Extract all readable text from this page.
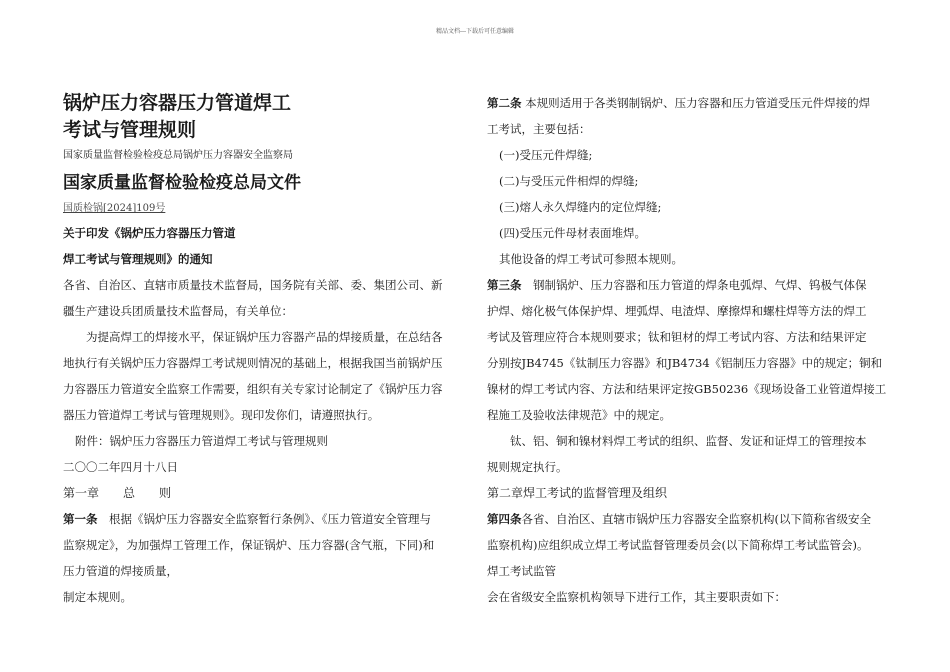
精品文档---下载后可任意编辑

锅炉压力容器压力管道焊工

考试与管理规则

国家质量监督检验检疫总局锅炉压力容器安全监察局

国家质量监督检验检疫总局文件

国质检锅[2024]109号

关于印发《锅炉压力容器压力管道

焊工考试与管理规则》的通知

各省、自治区、直辖市质量技术监督局，国务院有关部、委、集团公司、新

疆生产建设兵团质量技术监督局，有关单位：

为提高焊工的焊接水平，保证锅炉压力容器产品的焊接质量，在总结各

地执行有关锅炉压力容器焊工考试规则情况的基础上，根据我国当前锅炉压

力容器压力管道安全监察工作需要，组织有关专家讨论制定了《锅炉压力容

器压力管道焊工考试与管理规则》。现印发你们，请遵照执行。

附件：锅炉压力容器压力管道焊工考试与管理规则

二〇〇二年四月十八日

第一章　　总　　则

第一条　根据《锅炉压力容器安全监察暂行条例》、《压力管道安全管理与

监察规定》，为加强焊工管理工作，保证锅炉、压力容器(含气瓶，下同)和

压力管道的焊接质量，

制定本规则。

第二条 本规则适用于各类钢制锅炉、压力容器和压力管道受压元件焊接的焊

工考试，主要包括：

(一)受压元件焊缝;

(二)与受压元件相焊的焊缝;

(三)熔人永久焊缝内的定位焊缝;

(四)受压元件母材表面堆焊。

其他设备的焊工考试可参照本规则。

第三条　钢制锅炉、压力容器和压力管道的焊条电弧焊、气焊、钨极气体保

护焊、熔化极气体保护焊、埋弧焊、电渣焊、摩擦焊和螺柱焊等方法的焊工

考试及管理应符合本规则要求；钛和钽材的焊工考试内容、方法和结果评定

分别按JB4745《钛制压力容器》和JB4734《铝制压力容器》中的规定；铜和

镍材的焊工考试内容、方法和结果评定按GB50236《现场设备工业管道焊接工

程施工及验收法律规范》中的规定。

钛、铝、铜和镍材料焊工考试的组织、监督、发证和证焊工的管理按本

规则规定执行。

第二章焊工考试的监督管理及组织

第四条各省、自治区、直辖市锅炉压力容器安全监察机构(以下简称省级安全

监察机构)应组织成立焊工考试监督管理委员会(以下简称焊工考试监管会)。

焊工考试监管

会在省级安全监察机构领导下进行工作，其主要职责如下：
